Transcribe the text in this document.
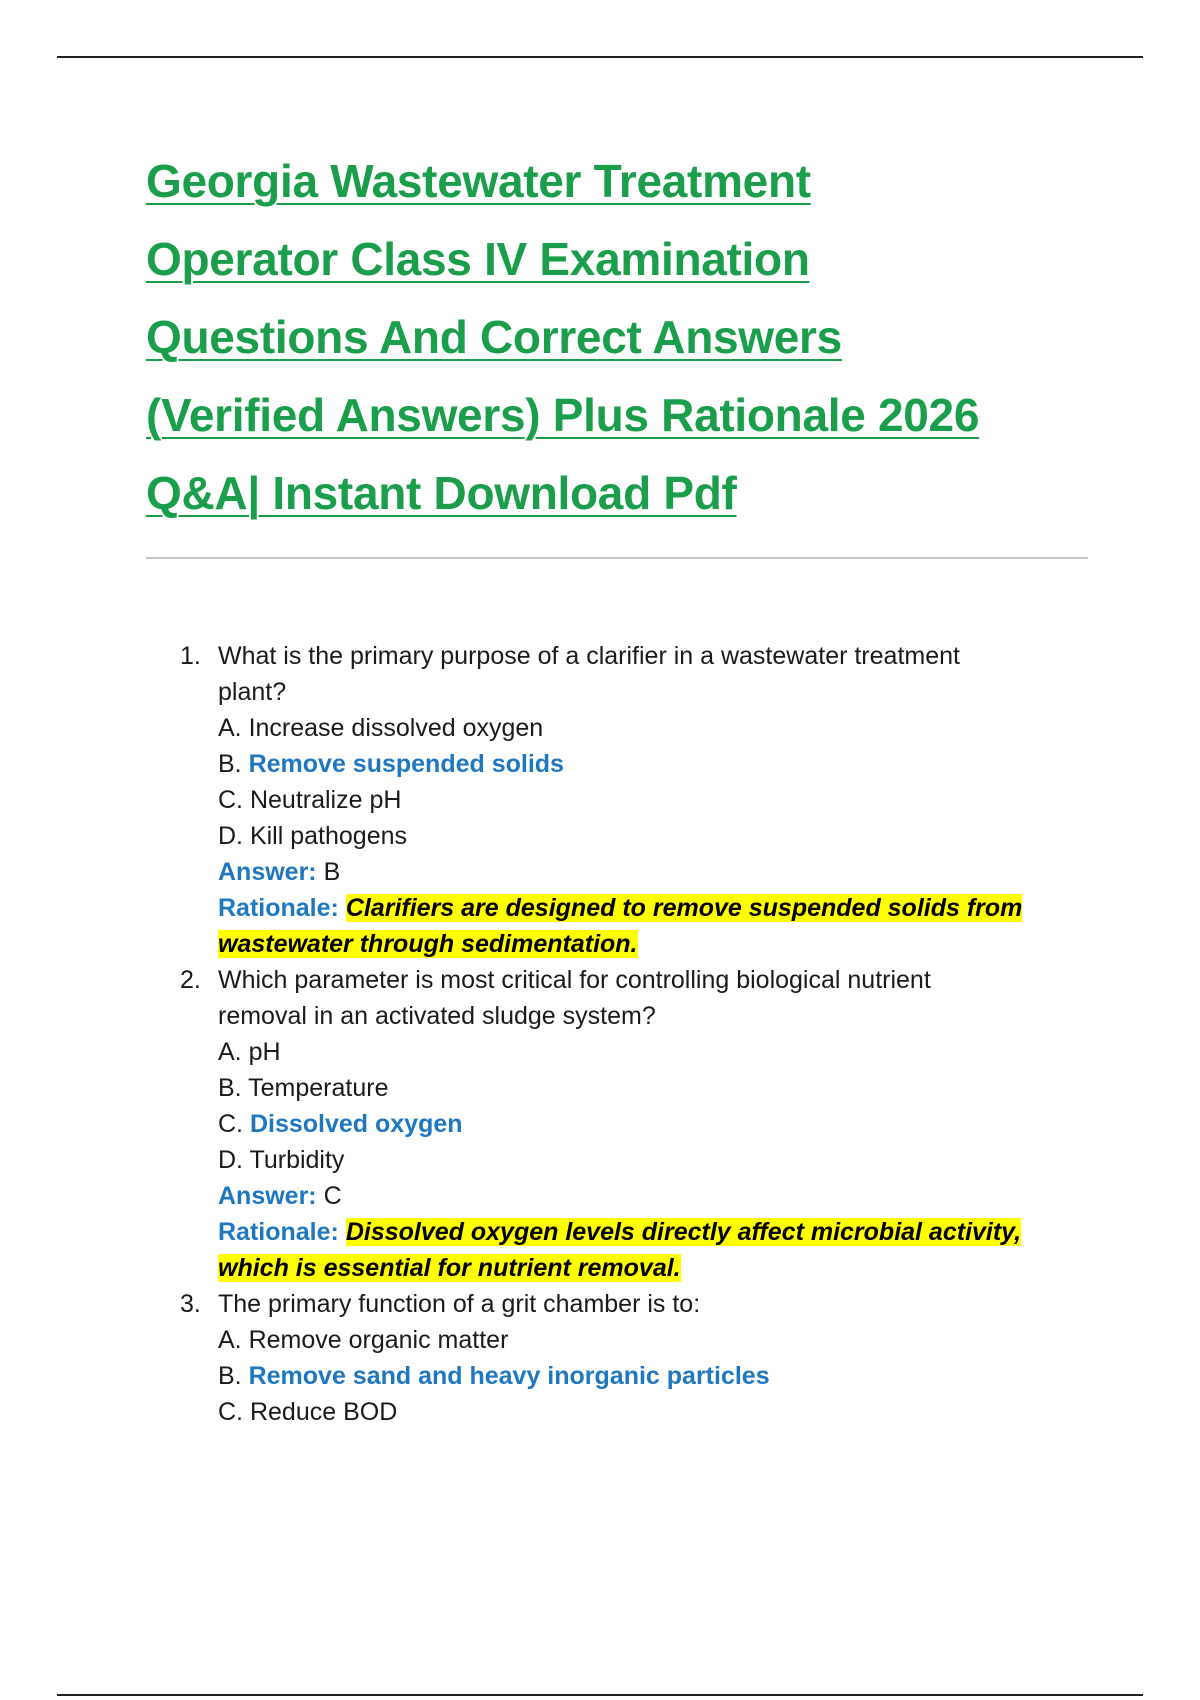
Georgia Wastewater Treatment
Operator Class IV Examination
Questions And Correct Answers
(Verified Answers) Plus Rationale 2026
Q&A| Instant Download Pdf
1. What is the primary purpose of a clarifier in a wastewater treatment
plant?
A. Increase dissolved oxygen
B. Remove suspended solids
C. Neutralize pH
D. Kill pathogens
Answer: B
Rationale: Clarifiers are designed to remove suspended solids from
wastewater through sedimentation.
2. Which parameter is most critical for controlling biological nutrient
removal in an activated sludge system?
A. pH
B. Temperature
C. Dissolved oxygen
D. Turbidity
Answer: C
Rationale: Dissolved oxygen levels directly affect microbial activity,
which is essential for nutrient removal.
3. The primary function of a grit chamber is to:
A. Remove organic matter
B. Remove sand and heavy inorganic particles
C. Reduce BOD
